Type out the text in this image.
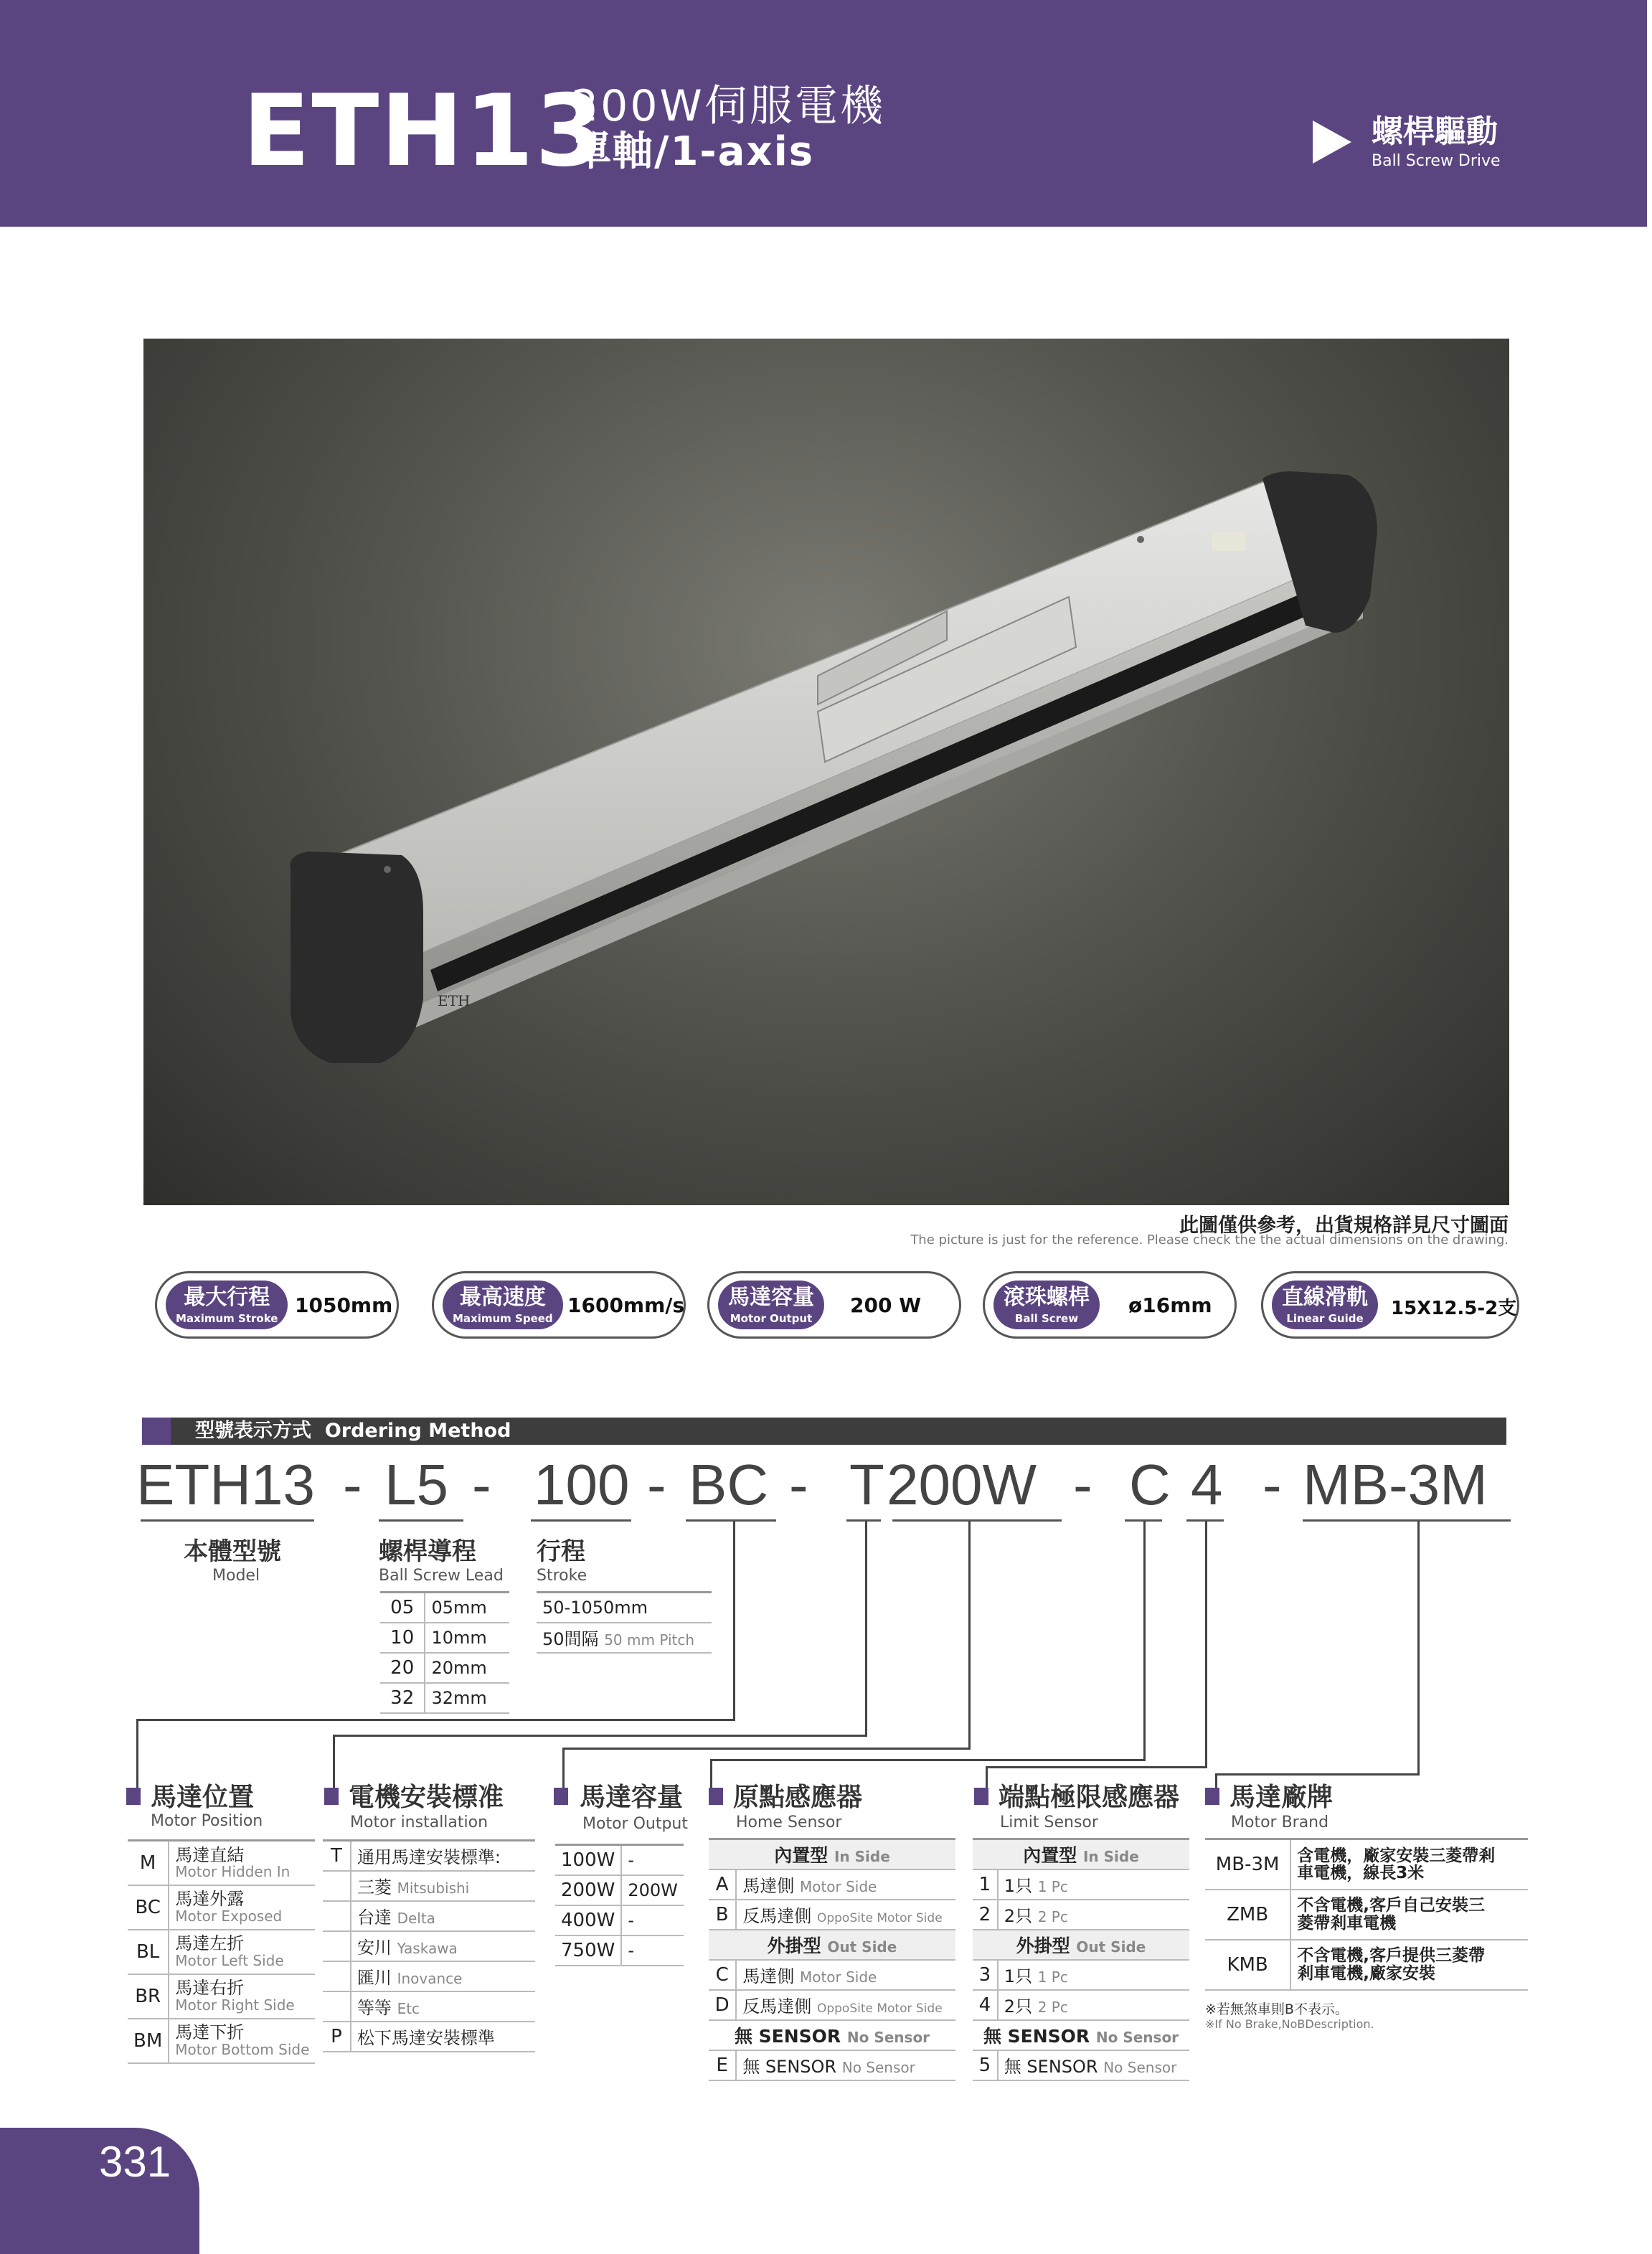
ETH13
200W伺服電機
單軸/1-axis	螺桿驅動
Ball Screw Drive
ETH
此圖僅供參考，出貨規格詳見尺寸圖面
The picture is just for the reference. Please check the the actual dimensions on the drawing.
最大行程
Maximum Stroke
1050mm	最高速度
Maximum Speed
1600mm/s 馬達容量
Motor Output
200 W	滾珠螺桿
Ball Screw
ø16mm	直線滑軌
Linear Guide 15X12.5-2支
型號表示方式 Ordering Method
ETH13 - L5 - 100 - BC - T 200W - C 4 - MB-3M
本體型號
Model
螺桿導程
Ball Screw Lead
05	05mm
10	10mm
20	20mm
32	32mm
行程
Stroke
50-1050mm
50間隔 50 mm Pitch
馬達位置
Motor Position
M	馬達直結
Motor Hidden In

BC	馬達外露
Motor Exposed

BL	馬達左折
Motor Left Side

BR	馬達右折
Motor Right Side

BM	馬達下折
Motor Bottom Side
電機安裝標准
Motor installation
T	通用馬達安裝標準:
	三菱 Mitsubishi
	台達 Delta
	安川 Yaskawa
	匯川 Inovance
	等等 Etc
P	松下馬達安裝標準
馬達容量
Motor Output
100W	-
200W	200W
400W	-
750W	-
原點感應器
Home Sensor
內置型 In Side	
A	馬達側 Motor Side
B	反馬達側 OppoSite Motor Side
外掛型 Out Side	
C	馬達側 Motor Side
D	反馬達側 OppoSite Motor Side
無 SENSOR No Sensor	
E	無 SENSOR No Sensor
端點極限感應器
Limit Sensor
內置型 In Side	
1	1只 1 Pc
2	2只 2 Pc
外掛型 Out Side	
3	1只 1 Pc
4	2只 2 Pc
無 SENSOR No Sensor	
5	無 SENSOR No Sensor
馬達廠牌
Motor Brand
MB-3M	含電機，廠家安裝三菱帶剎
車電機，線長3米

ZMB	不含電機,客戶自己安裝三
菱帶剎車電機

KMB	不含電機,客戶提供三菱帶
剎車電機,廠家安裝
※若無煞車則B不表示。
※If No Brake,NoBDescription.
331
